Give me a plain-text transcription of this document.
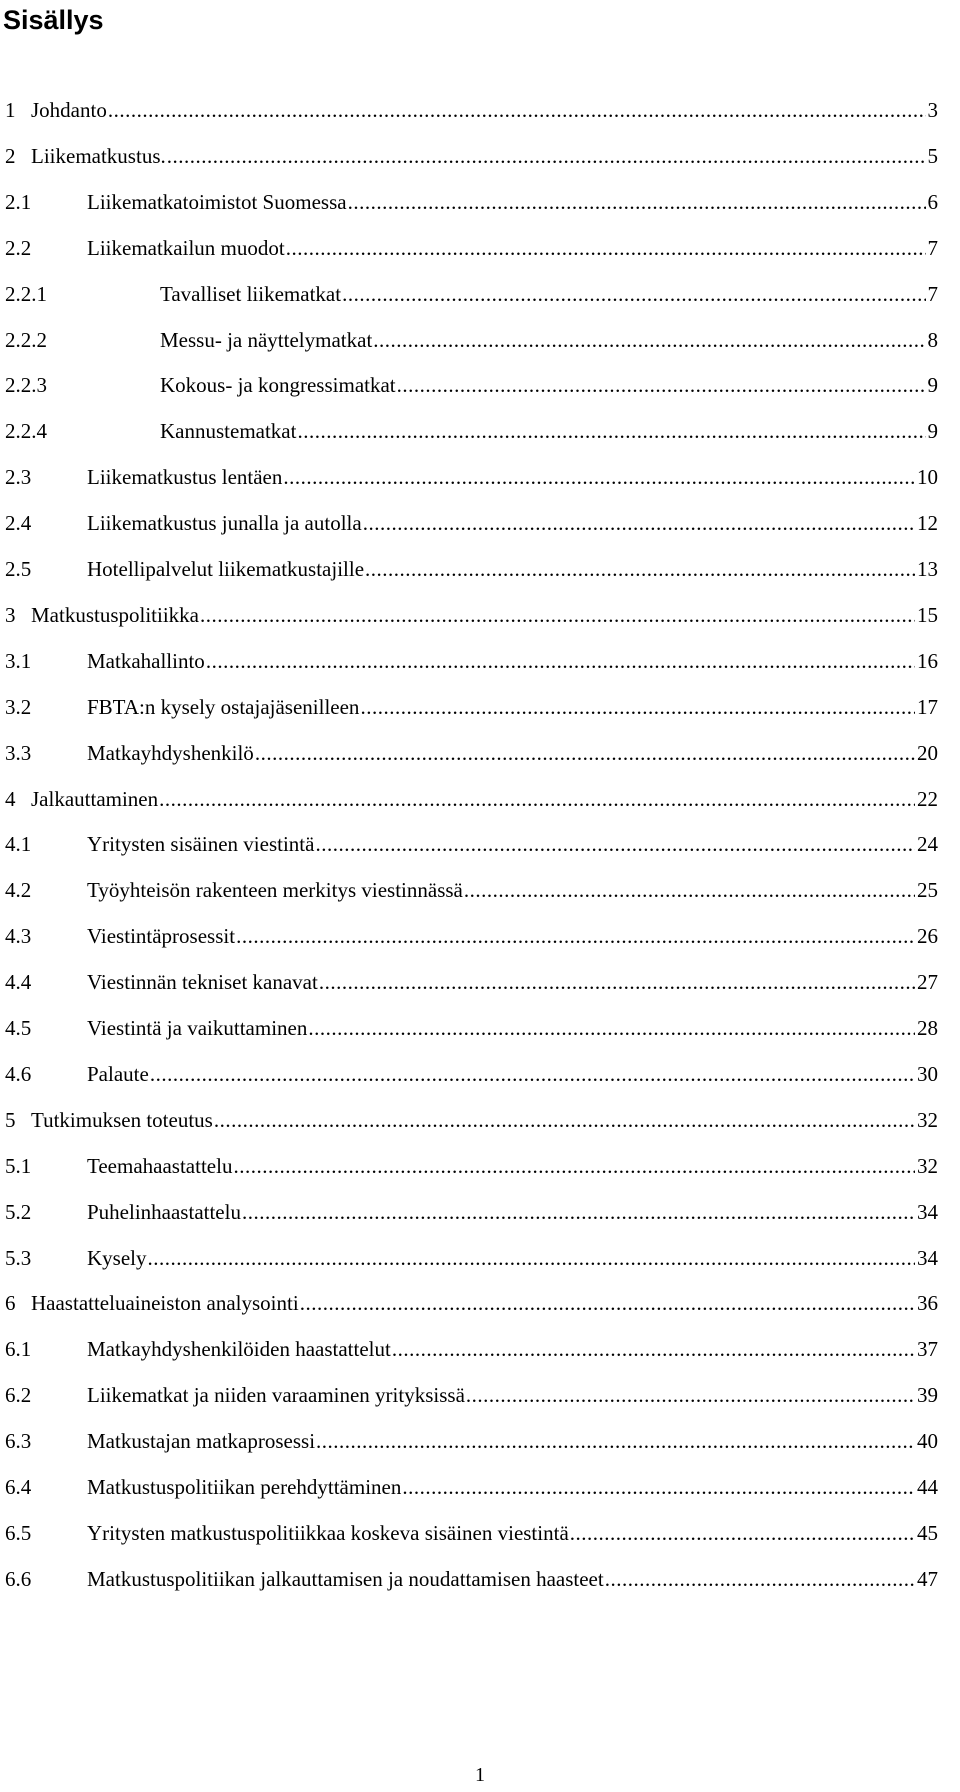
Sisällys
1 Johdanto .....	3
2 Liikematkustus. .....	5
2.1	Liikematkatoimistot Suomessa .....	6
2.2	Liikematkailun muodot .....	7
2.2.1	Tavalliset liikematkat .....	7
2.2.2	Messu- ja näyttelymatkat .....	8
2.2.3	Kokous- ja kongressimatkat .....	9
2.2.4	Kannustematkat .....	9
2.3	Liikematkustus lentäen .....	10
2.4	Liikematkustus junalla ja autolla .....	12
2.5	Hotellipalvelut liikematkustajille .....	13
3 Matkustuspolitiikka .....	15
3.1	Matkahallinto .....	16
3.2	FBTA:n kysely ostajajäsenilleen .....	17
3.3	Matkayhdyshenkilö .....	20
4 Jalkauttaminen .....	22
4.1	Yritysten sisäinen viestintä .....	24
4.2	Työyhteisön rakenteen merkitys viestinnässä .....	25
4.3	Viestintäprosessit .....	26
4.4	Viestinnän tekniset kanavat .....	27
4.5	Viestintä ja vaikuttaminen .....	28
4.6	Palaute .....	30
5 Tutkimuksen toteutus .....	32
5.1	Teemahaastattelu .....	32
5.2	Puhelinhaastattelu .....	34
5.3	Kysely .....	34
6 Haastatteluaineiston analysointi .....	36
6.1	Matkayhdyshenkilöiden haastattelut .....	37
6.2	Liikematkat ja niiden varaaminen yrityksissä .....	39
6.3	Matkustajan matkaprosessi .....	40
6.4	Matkustuspolitiikan perehdyttäminen .....	44
6.5	Yritysten matkustuspolitiikkaa koskeva sisäinen viestintä .....	45
6.6	Matkustuspolitiikan jalkauttamisen ja noudattamisen haasteet .....	47
1
